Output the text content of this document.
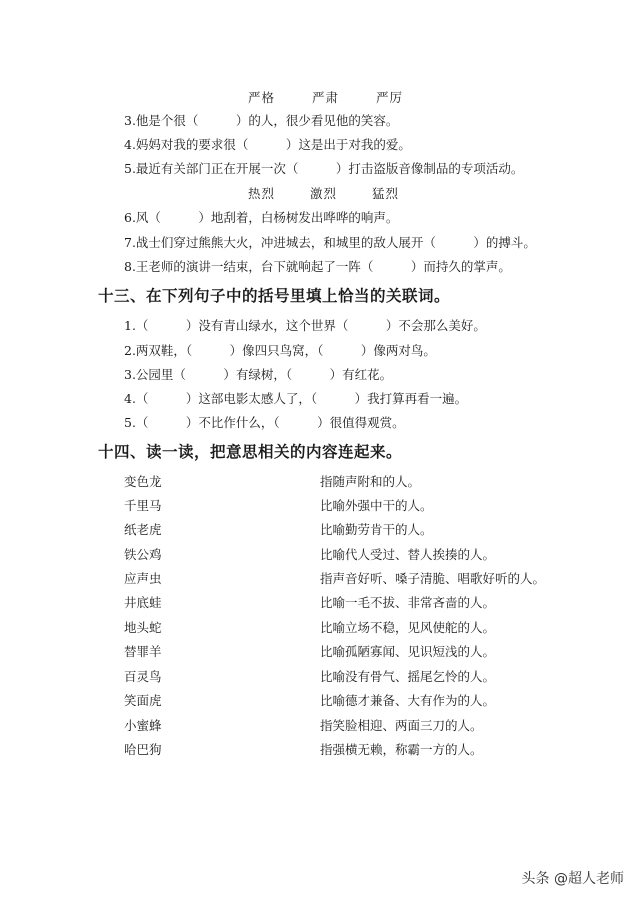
严格	严肃	严厉
3.他是个很（　　　）的人，很少看见他的笑容。
4.妈妈对我的要求很（　　　）这是出于对我的爱。
5.最近有关部门正在开展一次（　　　）打击盗版音像制品的专项活动。
热烈	激烈	猛烈
6.风（　　　）地刮着，白杨树发出哗哗的响声。
7.战士们穿过熊熊大火，冲进城去，和城里的敌人展开（　　　）的搏斗。
8.王老师的演讲一结束，台下就响起了一阵（　　　）而持久的掌声。
十三、在下列句子中的括号里填上恰当的关联词。
1.（　　　）没有青山绿水，这个世界（　　　）不会那么美好。
2.两双鞋，（　　　）像四只鸟窝，（　　　）像两对鸟。
3.公园里（　　　）有绿树，（　　　）有红花。
4.（　　　）这部电影太感人了，（　　　）我打算再看一遍。
5.（　　　）不比作什么，（　　　）很值得观赏。
十四、读一读，把意思相关的内容连起来。
变色龙	指随声附和的人。
千里马	比喻外强中干的人。
纸老虎	比喻勤劳肯干的人。
铁公鸡	比喻代人受过、替人挨揍的人。
应声虫	指声音好听、嗓子清脆、唱歌好听的人。
井底蛙	比喻一毛不拔、非常吝啬的人。
地头蛇	比喻立场不稳，见风使舵的人。
替罪羊	比喻孤陋寡闻、见识短浅的人。
百灵鸟	比喻没有骨气、摇尾乞怜的人。
笑面虎	比喻德才兼备、大有作为的人。
小蜜蜂	指笑脸相迎、两面三刀的人。
哈巴狗	指强横无赖，称霸一方的人。
头条 @超人老师
